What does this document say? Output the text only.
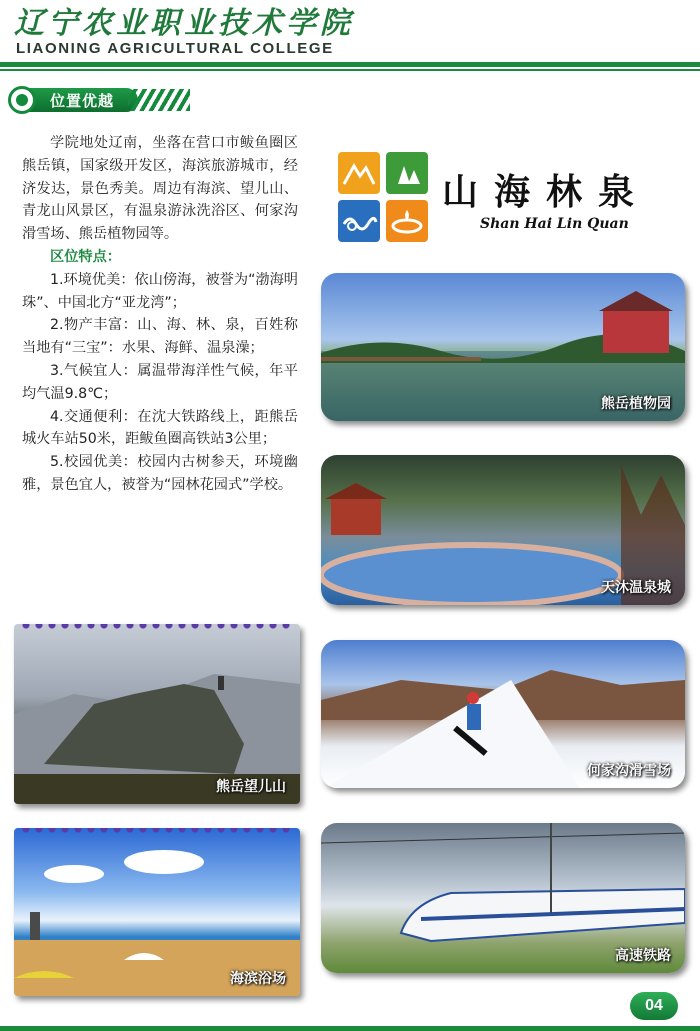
辽宁农业职业技术学院
LIAONING AGRICULTURAL COLLEGE
位置优越

学院地处辽南，坐落在营口市鲅鱼圈区熊岳镇，国家级开发区，海滨旅游城市，经济发达，景色秀美。周边有海滨、望儿山、青龙山风景区，有温泉游泳洗浴区、何家沟滑雪场、熊岳植物园等。

区位特点：

1.环境优美：依山傍海，被誉为“渤海明珠”、中国北方“亚龙湾”；

2.物产丰富：山、海、林、泉，百姓称当地有“三宝”：水果、海鲜、温泉澡；

3.气候宜人：属温带海洋性气候，年平均气温9.8℃；

4.交通便利：在沈大铁路线上，距熊岳城火车站50米，距鲅鱼圈高铁站3公里；

5.校园优美：校园内古树参天，环境幽雅，景色宜人，被誉为“园林花园式”学校。

山海林泉
Shan Hai Lin Quan
熊岳植物园
天沐温泉城
何家沟滑雪场
高速铁路
熊岳望儿山
海滨浴场
04
